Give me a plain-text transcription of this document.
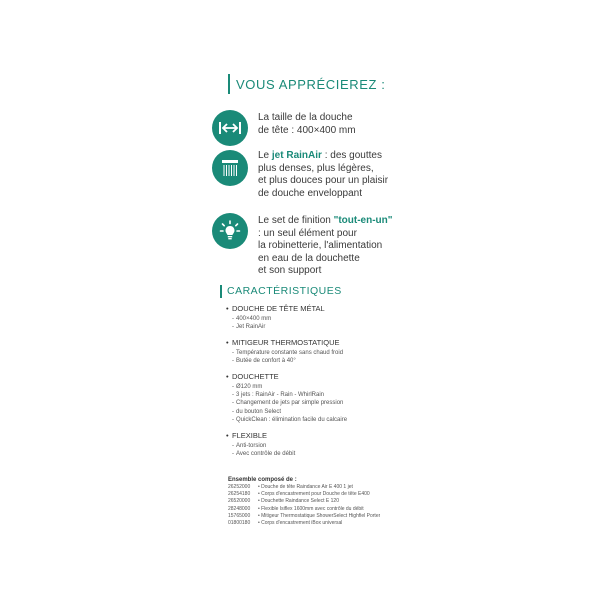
VOUS APPRÉCIEREZ :
La taille de la douche
de tête : 400×400 mm
Le jet RainAir : des gouttes
plus denses, plus légères,
et plus douces pour un plaisir
de douche enveloppant
Le set de finition "tout-en-un"
: un seul élément pour
la robinetterie, l'alimentation
en eau de la douchette
et son support
CARACTÉRISTIQUES
• DOUCHE DE TÊTE MÉTAL
- 400×400 mm
- Jet RainAir
• MITIGEUR THERMOSTATIQUE
- Température constante sans chaud froid
- Butée de confort à 40°
• DOUCHETTE
- Ø120 mm
- 3 jets : RainAir - Rain - WhirlRain
- Changement de jets par simple pression
- du bouton Select
- QuickClean : élimination facile du calcaire
• FLEXIBLE
- Anti-torsion
- Avec contrôle de débit
Ensemble composé de :
26252000	• Douche de tête Raindance Air E 400 1 jet
26254180	• Corps d'encastrement pour Douche de tête E400
26520000	• Douchette Raindance Select E 120
28248000	• Flexible Isiflex 1600mm avec contrôle du débit
15765000	• Mitigeur Thermostatique ShowerSelect Highfiel Porter
01800180	• Corps d'encastrement iBox universal
